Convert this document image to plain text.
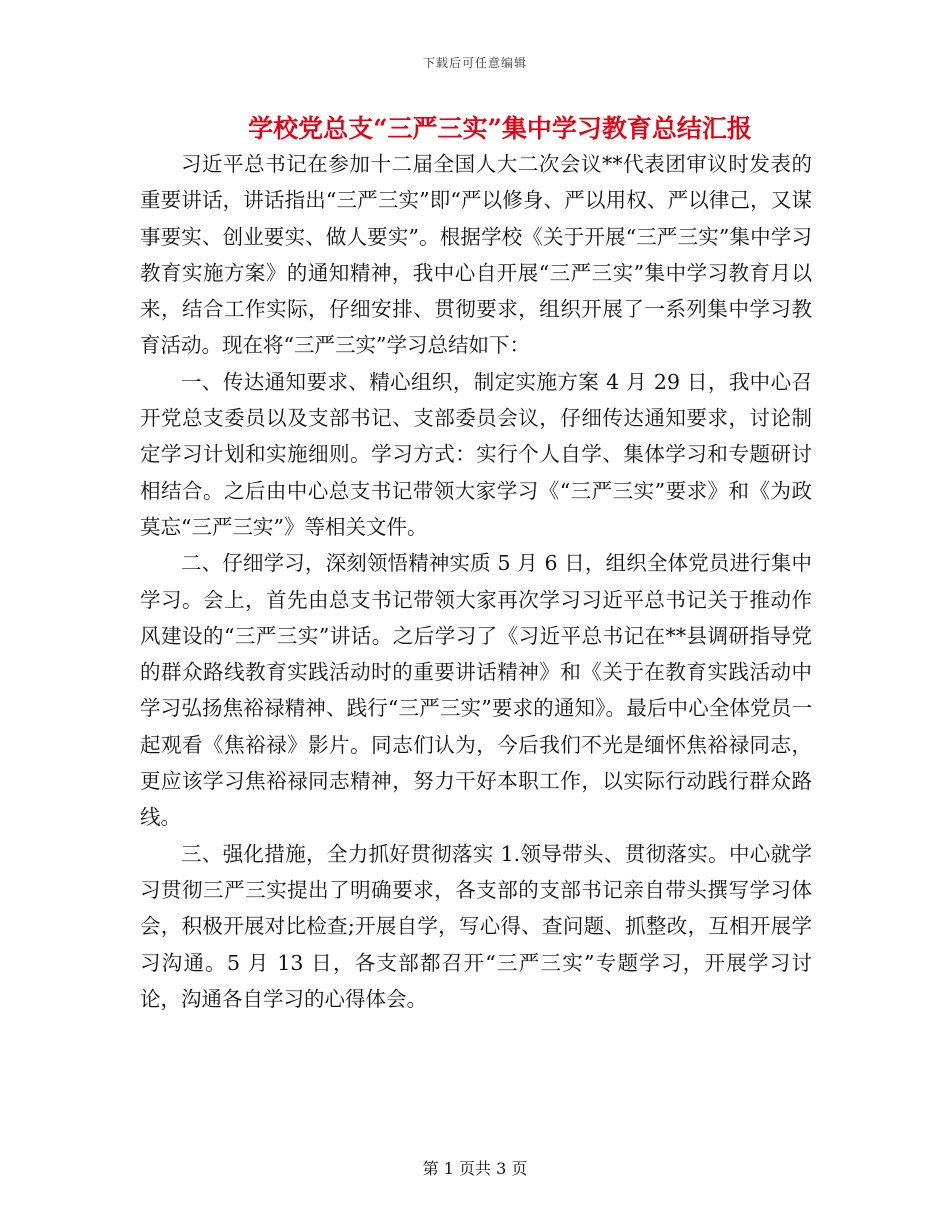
下载后可任意编辑
学校党总支“三严三实”集中学习教育总结汇报

习近平总书记在参加十二届全国人大二次会议**代表团审议时发表的重要讲话，讲话指出“三严三实”即“严以修身、严以用权、严以律己，又谋事要实、创业要实、做人要实”。根据学校《关于开展“三严三实”集中学习教育实施方案》的通知精神，我中心自开展“三严三实”集中学习教育月以来，结合工作实际，仔细安排、贯彻要求，组织开展了一系列集中学习教育活动。现在将“三严三实”学习总结如下：

一、传达通知要求、精心组织，制定实施方案 4 月 29 日，我中心召开党总支委员以及支部书记、支部委员会议，仔细传达通知要求，讨论制定学习计划和实施细则。学习方式：实行个人自学、集体学习和专题研讨相结合。之后由中心总支书记带领大家学习《“三严三实”要求》和《为政莫忘“三严三实”》等相关文件。

二、仔细学习，深刻领悟精神实质 5 月 6 日，组织全体党员进行集中学习。会上，首先由总支书记带领大家再次学习习近平总书记关于推动作风建设的“三严三实”讲话。之后学习了《习近平总书记在**县调研指导党的群众路线教育实践活动时的重要讲话精神》和《关于在教育实践活动中学习弘扬焦裕禄精神、践行“三严三实”要求的通知》。最后中心全体党员一起观看《焦裕禄》影片。同志们认为，今后我们不光是缅怀焦裕禄同志，更应该学习焦裕禄同志精神，努力干好本职工作，以实际行动践行群众路线。

三、强化措施，全力抓好贯彻落实 1.领导带头、贯彻落实。中心就学习贯彻三严三实提出了明确要求，各支部的支部书记亲自带头撰写学习体会，积极开展对比检查;开展自学，写心得、查问题、抓整改，互相开展学习沟通。5 月 13 日，各支部都召开“三严三实”专题学习，开展学习讨论，沟通各自学习的心得体会。

第 1 页共 3 页
